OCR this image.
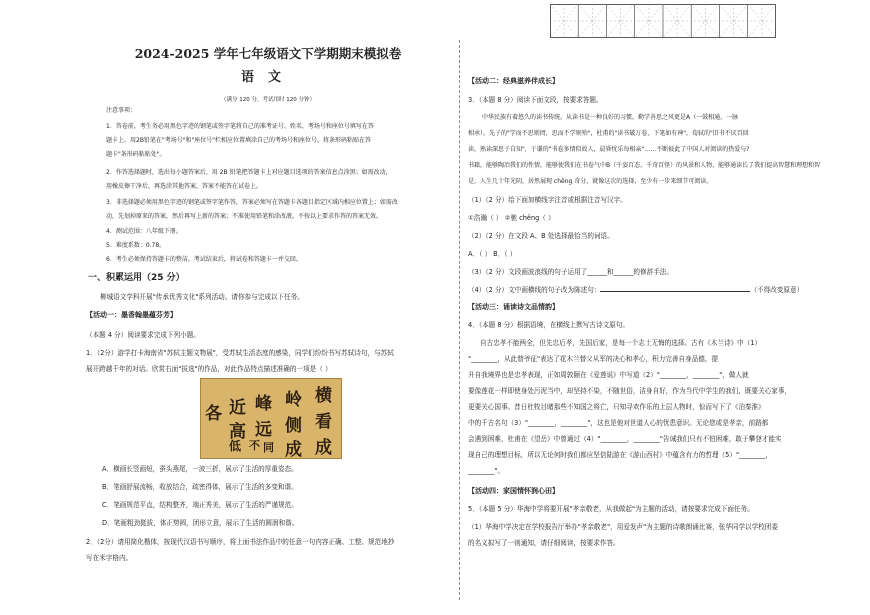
2024-2025 学年七年级语文下学期期末模拟卷
语文
（满分 120 分，考试用时 120 分钟）
注意事项：
1．答卷前，考生务必用黑色字迹的钢笔或签字笔将自己的准考证号、姓名、考场号和座位号填写在答
题卡上。用2B铅笔在"考场号"和"座位号"栏相应位置填涂自己的考场号和座位号。将条形码粘贴在答
题卡"条形码粘贴处"。
2．作答选择题时，选出每小题答案后，用 2B 铅笔把答题卡上对应题目选项的答案信息点涂黑；如需改动，
用橡皮擦干净后，再选涂其他答案，答案不能答在试卷上。
3．非选择题必须用黑色字迹的钢笔或签字笔作答，答案必须写在答题卡各题目指定区域内相应位置上；如需改
动，先划掉原来的答案，然后再写上新的答案；不准使用铅笔和涂改液。不按以上要求作答的答案无效。
4．测试范围：八年级下册。
5．难度系数：0.78。
6．考生必须保持答题卡的整洁。考试结束后，将试卷和答题卡一并交回。
一、积累运用（25 分）
柳城语文学科开展"传承优秀文化"系列活动。请你参与完成以下任务。
【活动一：墨香翰墨蕴芬芳】
（本题 4 分）阅读要求完成下列小题。
1．（2分）游学打卡海南省"苏轼主题文物展"，受苏轼生活态度的感染，同学们纷纷书写苏轼诗句，与苏轼
展开跨越千年的对话。欣赏右面"拔选"的作品，对此作品特点描述准确的一项是（ ）
横
看
成
岭
侧
成
峰
远
近
高
低
各
不 同
A．横画长竖画短，蚕头燕尾，一波三折，展示了生活的厚重姿态。
B．笔画舒展流畅，收放结合，疏密得体，展示了生活的多变和谐。
C．笔画规范平直，结构整齐，端正秀美，展示了生活的严谨规范。
D．笔画粗劲挺拔，体正势圆，团形立意，展示了生活的圆润和谐。
2．（2分）请用简化楷体，按现代汉语书写顺序，将上面书法作品中的任意一句内容正确、工整、规范地抄
写在米字格内。
【活动二：经典滋养伴成长】
3．（本题 8 分）阅读下面文段，按要求答题。
中华民族有着悠久的读书传统。从读书是一种良好的习惯，勤学善思之风更是A（一鼓相通，一脉
相承）。先子的"学而不思则罔，思而不学则殆"，杜甫的"读书破万卷，下笔如有神"，荀轼的"旧书不厌百回
读，熟读深思子自知"，于谦的"书卷多情似故人，晨昏忧乐每相亲"……不断彼此了中国人对阅读的热爱与?
书籍，能够陶冶我们的性情，能够使我们在书卷气中B（千姿百态，千奇百怪）的风景和人物，能够通读长了我们提高智慧和理想和智
是，人生几十年光阴，居然展现 chěng 奇分，就像这次的选择，至少有一步来细节可阅读。
（1）（2 分）给下面加横线字注音或根据注音写汉字。
①浩瀚（ ） ②驰 chěng（ ）
（2）（2 分）在文段 A、B 处选择最恰当的词语。
A．（ ） B．（ ）
（3）（2 分）文段画波浪线的句子运用了______和______的修辞手法。
（4）（2 分）文中画横线的句子改为陈述句：	（不得改变原意）
【活动三：诵读诗文品情韵】
4．（本题 8 分）根据语境，在横线上默写古诗文原句。
自古忠孝不能两全，但先忠后孝，先国后家，是每一个志士无悔的选择。古有《木兰诗》中（1）
"________，从此替爷征"表达了花木兰替父从军的决心和孝心，积力完善自身品德，提
升自我境界也是忠孝表现，正如周敦颐在《爱莲说》中写道（2）"________，________"，做人就
要像莲花一样即使身处污泥当中，却坚持不染，不随世俗，洁身自好，作为当代中学生的我们，既要关心家事，
更要关心国事。昔日杜牧目睹那些不知国之将亡，只知寻欢作乐的上层人物时，惊而写下了《泊秦淮》
中的千古名句（3）"________，________"，这也是他对世道人心的忧患意识。无论您或是孝亲，前路都
会遇到困难，杜甫在《望岳》中曾通过（4）"________，________"告诫我们只有不怕困难，敢于攀登才能实
现自己的理想目标，所以无论何时我们都应坚信陆游在《游山西村》中蕴含有力的哲理（5）"________，
________"。
【活动四：家国情怀润心田】
5．（本题 5 分）华海中学将要开展"孝亲敬老，从我做起"为主题的活动，请按要求完成下面任务。
（1）华海中学决定在学校报告厅举办"孝亲敬老"，用爱发声"为主题的诗歌朗诵比赛，张华同学以学校团委
的名义拟写了一则通知，请仔细阅读，按要求作答。
